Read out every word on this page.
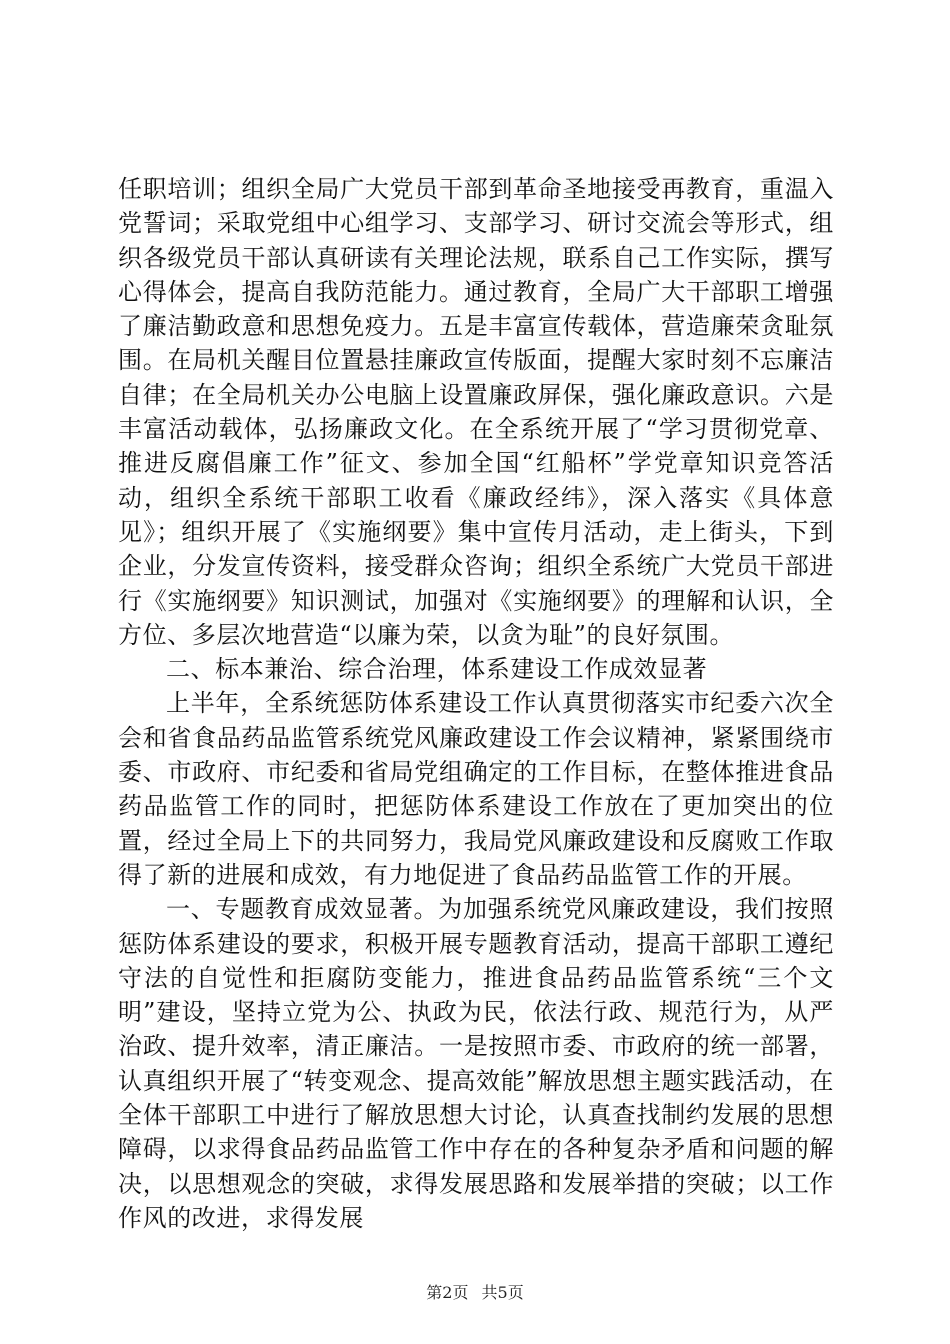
任职培训；组织全局广大党员干部到革命圣地接受再教育，重温入党誓词；采取党组中心组学习、支部学习、研讨交流会等形式，组织各级党员干部认真研读有关理论法规，联系自己工作实际，撰写心得体会，提高自我防范能力。通过教育，全局广大干部职工增强了廉洁勤政意和思想免疫力。五是丰富宣传载体，营造廉荣贪耻氛围。在局机关醒目位置悬挂廉政宣传版面，提醒大家时刻不忘廉洁自律；在全局机关办公电脑上设置廉政屏保，强化廉政意识。六是丰富活动载体，弘扬廉政文化。在全系统开展了“学习贯彻党章、推进反腐倡廉工作”征文、参加全国“红船杯”学党章知识竞答活动，组织全系统干部职工收看《廉政经纬》，深入落实《具体意见》；组织开展了《实施纲要》集中宣传月活动，走上街头，下到企业，分发宣传资料，接受群众咨询；组织全系统广大党员干部进行《实施纲要》知识测试，加强对《实施纲要》的理解和认识，全方位、多层次地营造“以廉为荣，以贪为耻”的良好氛围。

二、标本兼治、综合治理，体系建设工作成效显著

上半年，全系统惩防体系建设工作认真贯彻落实市纪委六次全会和省食品药品监管系统党风廉政建设工作会议精神，紧紧围绕市委、市政府、市纪委和省局党组确定的工作目标，在整体推进食品药品监管工作的同时，把惩防体系建设工作放在了更加突出的位置，经过全局上下的共同努力，我局党风廉政建设和反腐败工作取得了新的进展和成效，有力地促进了食品药品监管工作的开展。

一、专题教育成效显著。为加强系统党风廉政建设，我们按照惩防体系建设的要求，积极开展专题教育活动，提高干部职工遵纪守法的自觉性和拒腐防变能力，推进食品药品监管系统“三个文明”建设，坚持立党为公、执政为民，依法行政、规范行为，从严治政、提升效率，清正廉洁。一是按照市委、市政府的统一部署，认真组织开展了“转变观念、提高效能”解放思想主题实践活动，在全体干部职工中进行了解放思想大讨论，认真查找制约发展的思想障碍，以求得食品药品监管工作中存在的各种复杂矛盾和问题的解决，以思想观念的突破，求得发展思路和发展举措的突破；以工作作风的改进，求得发展

第2页 共5页
